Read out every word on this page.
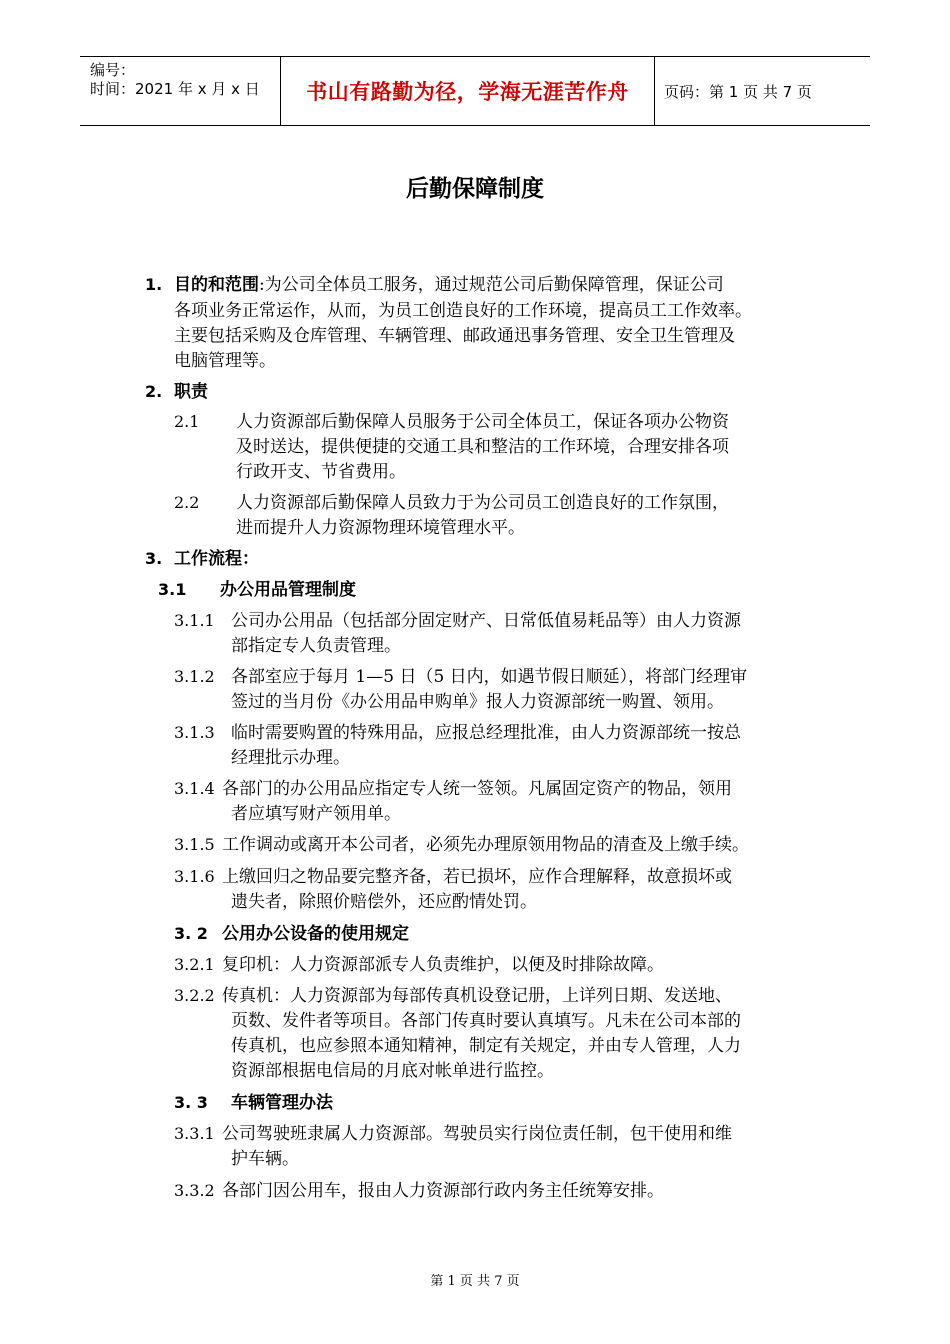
编号：
时间：2021 年 x 月 x 日	书山有路勤为径，学海无涯苦作舟 页码：第 1 页 共 7 页
后勤保障制度
1. 目的和范围:为公司全体员工服务，通过规范公司后勤保障管理，保证公司
各项业务正常运作，从而，为员工创造良好的工作环境，提高员工工作效率。
主要包括采购及仓库管理、车辆管理、邮政通迅事务管理、安全卫生管理及
电脑管理等。
2. 职责
2.1 人力资源部后勤保障人员服务于公司全体员工，保证各项办公物资
及时送达，提供便捷的交通工具和整洁的工作环境，合理安排各项
行政开支、节省费用。
2.2 人力资源部后勤保障人员致力于为公司员工创造良好的工作氛围，
进而提升人力资源物理环境管理水平。
3. 工作流程：
3.1 办公用品管理制度
3.1.1 公司办公用品（包括部分固定财产、日常低值易耗品等）由人力资源
部指定专人负责管理。
3.1.2 各部室应于每月 1—5 日（5 日内，如遇节假日顺延），将部门经理审
签过的当月份《办公用品申购单》报人力资源部统一购置、领用。
3.1.3 临时需要购置的特殊用品，应报总经理批准，由人力资源部统一按总
经理批示办理。
3.1.4 各部门的办公用品应指定专人统一签领。凡属固定资产的物品，领用
者应填写财产领用单。
3.1.5 工作调动或离开本公司者，必须先办理原领用物品的清查及上缴手续。
3.1.6 上缴回归之物品要完整齐备，若已损坏，应作合理解释，故意损坏或
遗失者，除照价赔偿外，还应酌情处罚。
3. 2 公用办公设备的使用规定
3.2.1 复印机：人力资源部派专人负责维护，以便及时排除故障。
3.2.2 传真机：人力资源部为每部传真机设登记册，上详列日期、发送地、
页数、发件者等项目。各部门传真时要认真填写。凡未在公司本部的
传真机，也应参照本通知精神，制定有关规定，并由专人管理，人力
资源部根据电信局的月底对帐单进行监控。
3. 3 车辆管理办法
3.3.1 公司驾驶班隶属人力资源部。驾驶员实行岗位责任制，包干使用和维
护车辆。
3.3.2 各部门因公用车，报由人力资源部行政内务主任统筹安排。
第 1 页 共 7 页
